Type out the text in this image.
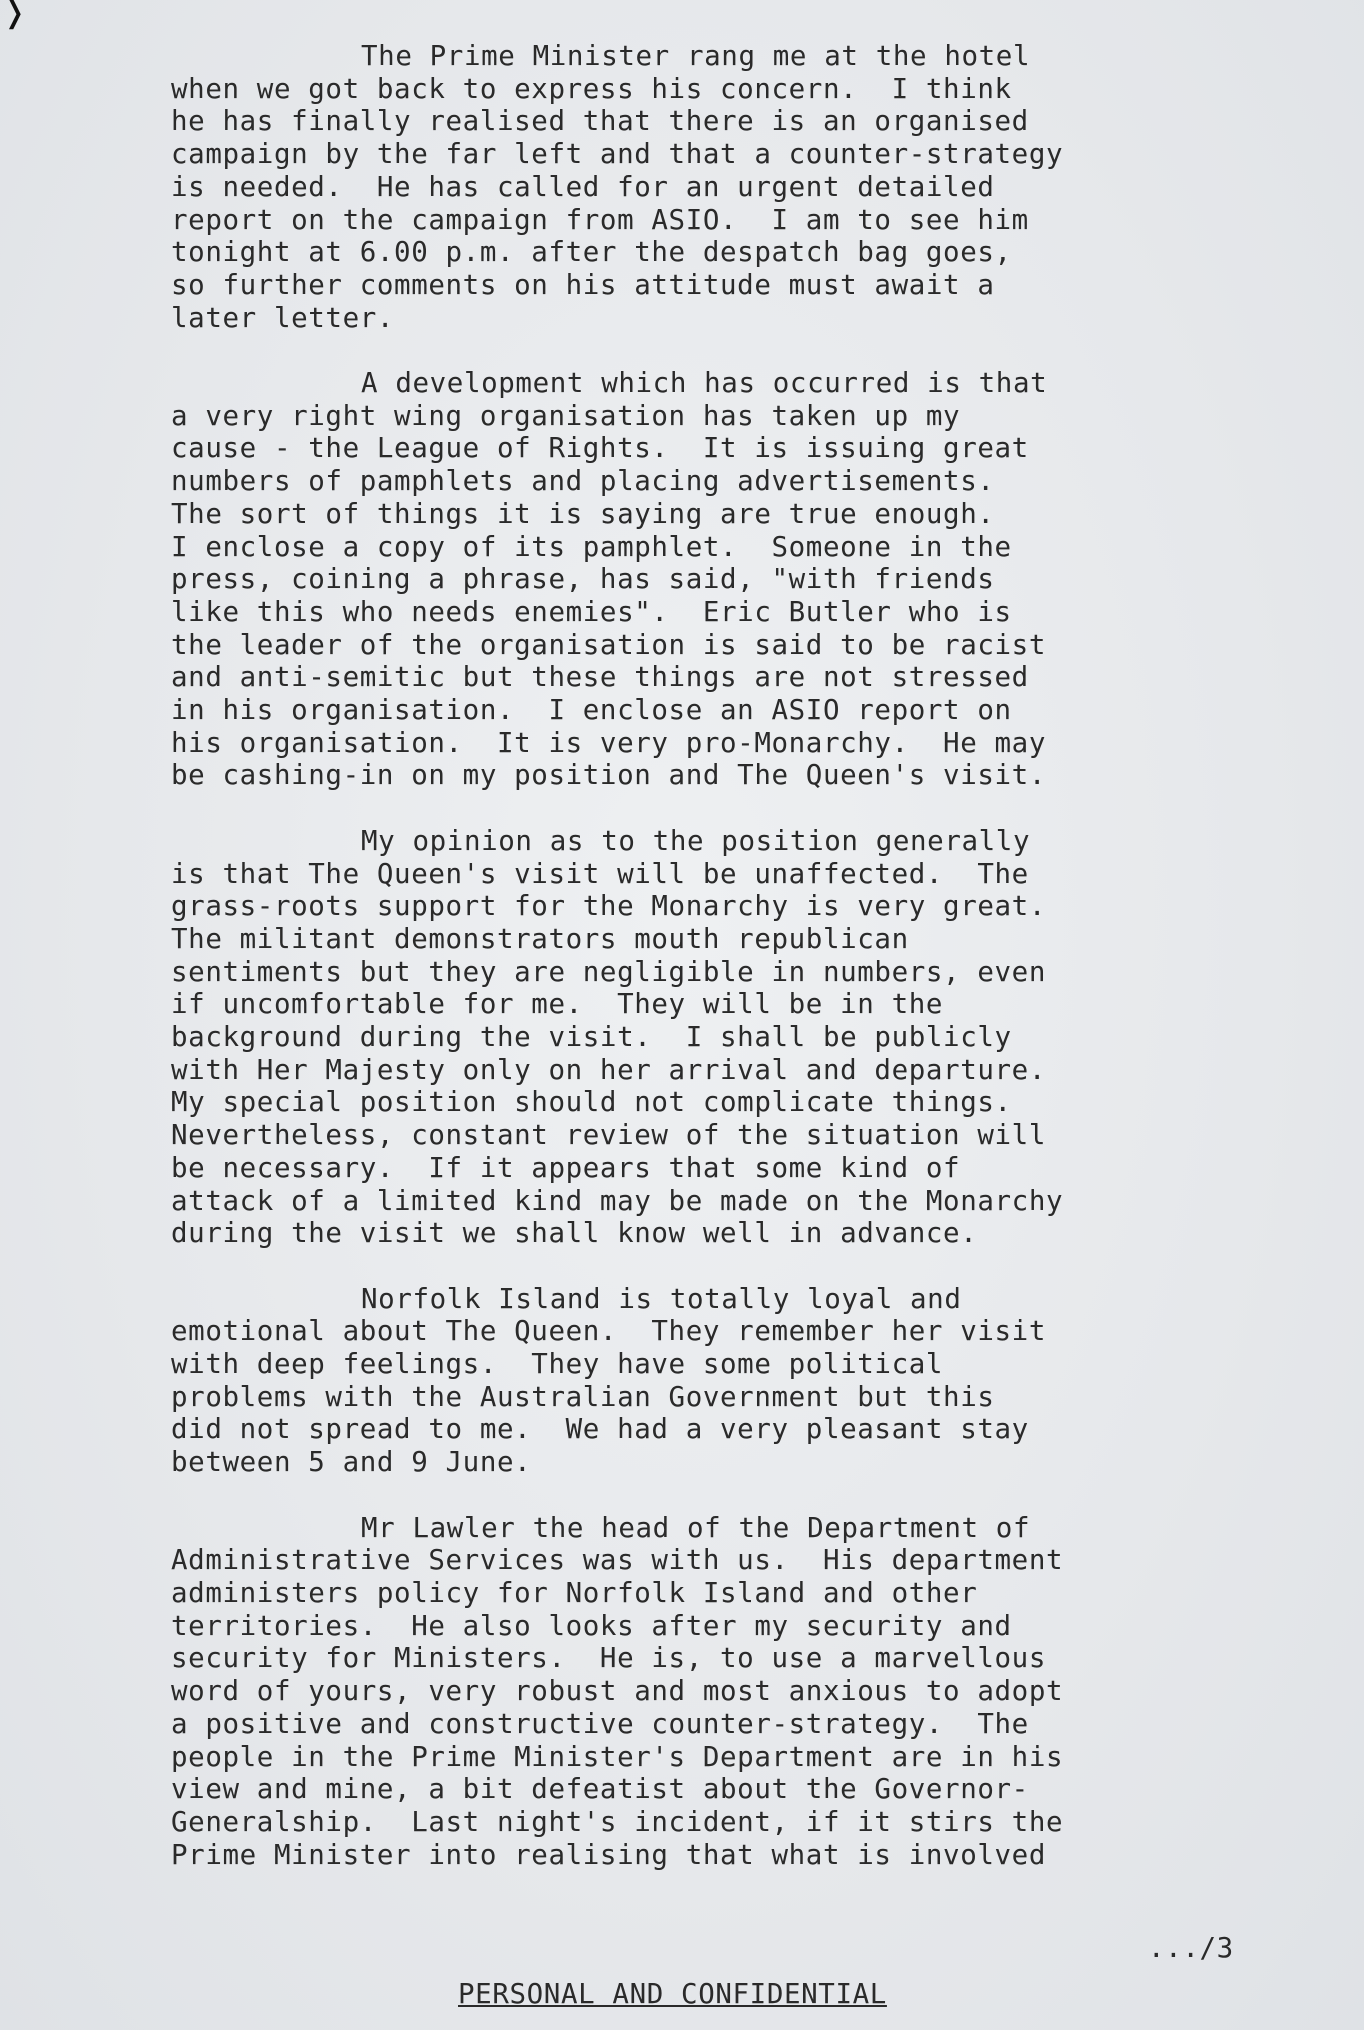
❭

The Prime Minister rang me at the hotel
when we got back to express his concern.  I think
he has finally realised that there is an organised
campaign by the far left and that a counter-strategy
is needed.  He has called for an urgent detailed
report on the campaign from ASIO.  I am to see him
tonight at 6.00 p.m. after the despatch bag goes,
so further comments on his attitude must await a
later letter.

A development which has occurred is that
a very right wing organisation has taken up my
cause - the League of Rights.  It is issuing great
numbers of pamphlets and placing advertisements.
The sort of things it is saying are true enough.
I enclose a copy of its pamphlet.  Someone in the
press, coining a phrase, has said, "with friends
like this who needs enemies".  Eric Butler who is
the leader of the organisation is said to be racist
and anti-semitic but these things are not stressed
in his organisation.  I enclose an ASIO report on
his organisation.  It is very pro-Monarchy.  He may
be cashing-in on my position and The Queen's visit.

My opinion as to the position generally
is that The Queen's visit will be unaffected.  The
grass-roots support for the Monarchy is very great.
The militant demonstrators mouth republican
sentiments but they are negligible in numbers, even
if uncomfortable for me.  They will be in the
background during the visit.  I shall be publicly
with Her Majesty only on her arrival and departure.
My special position should not complicate things.
Nevertheless, constant review of the situation will
be necessary.  If it appears that some kind of
attack of a limited kind may be made on the Monarchy
during the visit we shall know well in advance.

Norfolk Island is totally loyal and
emotional about The Queen.  They remember her visit
with deep feelings.  They have some political
problems with the Australian Government but this
did not spread to me.  We had a very pleasant stay
between 5 and 9 June.

Mr Lawler the head of the Department of
Administrative Services was with us.  His department
administers policy for Norfolk Island and other
territories.  He also looks after my security and
security for Ministers.  He is, to use a marvellous
word of yours, very robust and most anxious to adopt
a positive and constructive counter-strategy.  The
people in the Prime Minister's Department are in his
view and mine, a bit defeatist about the Governor-
Generalship.  Last night's incident, if it stirs the
Prime Minister into realising that what is involved

.../3
PERSONAL AND CONFIDENTIAL
